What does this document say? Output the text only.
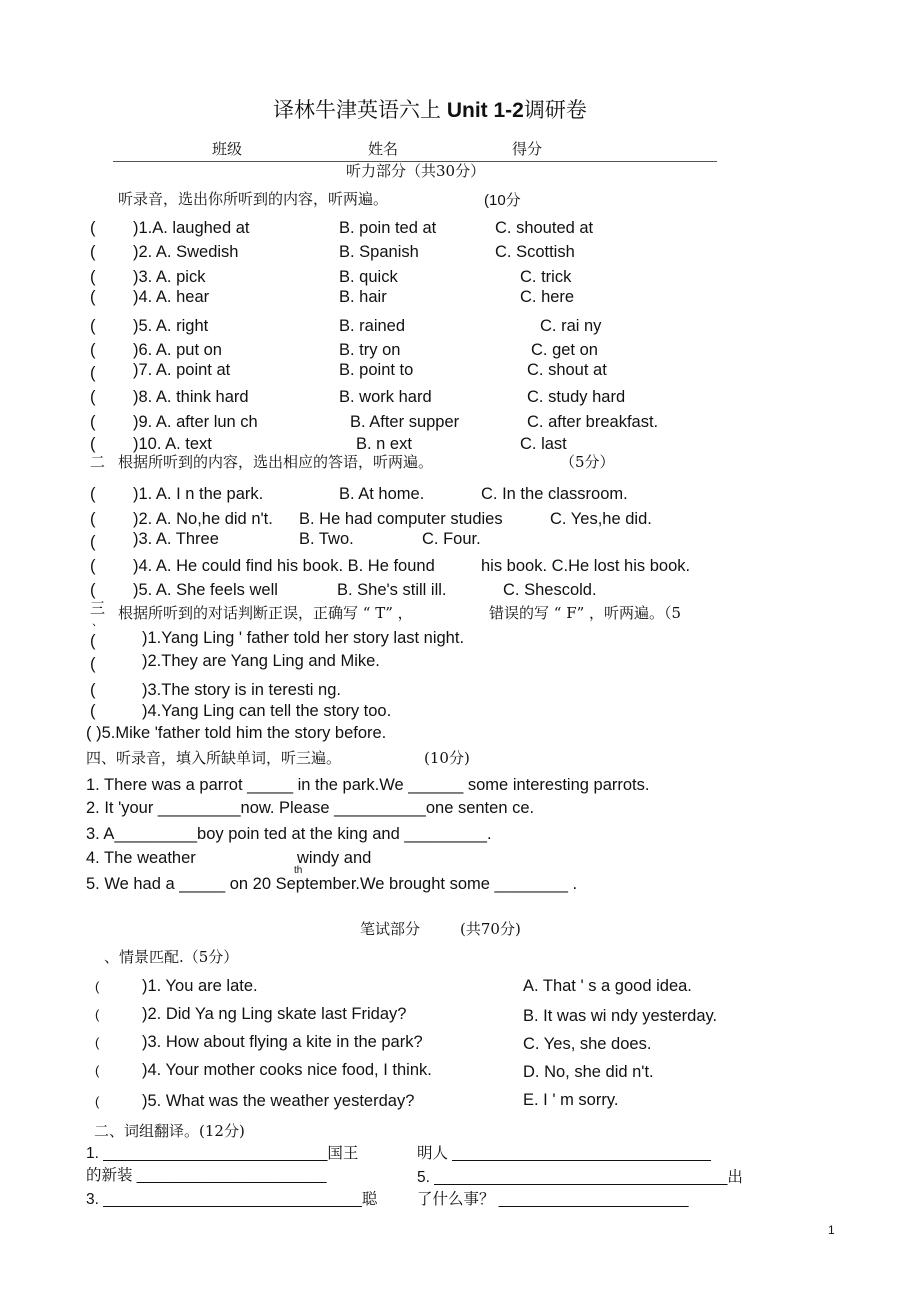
译林牛津英语六上 Unit 1-2调研卷
班级	姓名	得分
听力部分（共30分）
听录音，选出你所听到的内容，听两遍。	(10分
( )1.A. laughed at	B. poin ted at	C. shouted at
( )2. A. Swedish	B. Spanish	C. Scottish
( )3. A. pick	B. quick	C. trick
( )4. A. hear	B. hair	C. here
( )5. A. right	B. rained	C. rai ny
( )6. A. put on	B. try on	C. get on
( )7. A. point at	B. point to	C. shout at
( )8. A. think hard	B. work hard	C. study hard
( )9. A. after lun ch	B. After supper	C. after breakfast.
( )10. A. text	B. n ext	C. last
二 根据所听到的内容，选出相应的答语，听两遍。	（5分）
( )1. A. I n the park.	B. At home.	C. In the classroom.
( )2. A. No,he did n't. B. He had computer studies	C. Yes,he did.
( )3. A. Three	B. Two.	C. Four.
( )4. A. He could find his book. B. He found	his book. C.He lost his book.
( )5. A. She feels well	B. She's still ill.	C. Shescold.
三
、 根据所听到的对话判断正误，正确写 “ T” ，	错误的写 “ F” ，听两遍。（5
(	)1.Yang Ling ' father told her story last night.
(	)2.They are Yang Ling and Mike.
(	)3.The story is in teresti ng.
(	)4.Yang Ling can tell the story too.
( )5.Mike 'father told him the story before.
四、听录音，填入所缺单词，听三遍。	(10分)
1. There was a parrot _____ in the park.We ______ some interesting parrots.
2. It 'your _________now. Please __________one senten ce.
3. A_________boy poin ted at the king and _________.
4. The weather	windy and
th
5. We had a _____ on 20 September.We brought some ________ .
笔试部分	(共70分)
、情景匹配.（5分）
(	)1. You are late.	A. That ' s a good idea.
(	)2. Did Ya ng Ling skate last Friday?	B. It was wi ndy yesterday.
(	)3. How about flying a kite in the park?	C. Yes, she does.
(	)4. Your mother cooks nice food, I think.	D. No, she did n't.
(	)5. What was the weather yesterday?	E. I ' m sorry.
二、词组翻译。(12分)
1. __________________________国王	明人 ______________________________
的新装 ______________________	5. __________________________________出
3. ______________________________聪	了什么事？ ______________________
1
